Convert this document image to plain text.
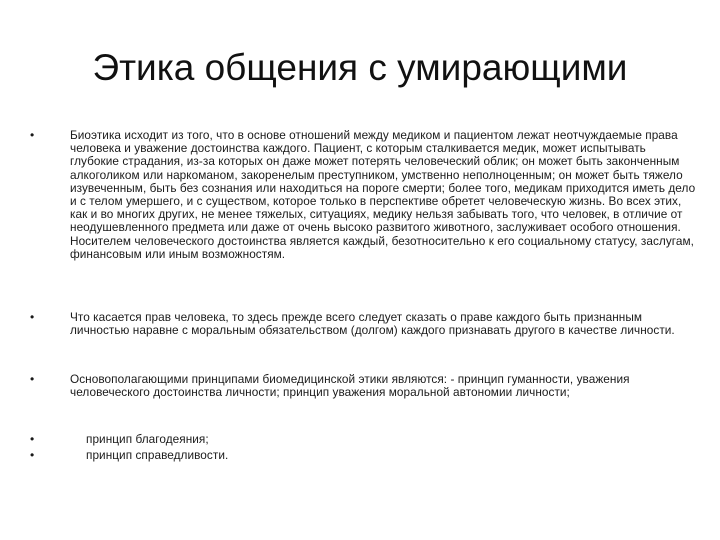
Этика общения с умирающими
•	Биоэтика исходит из того, что в основе отношений между медиком и пациентом лежат неотчуждаемые права человека и уважение достоинства каждого. Пациент, с которым сталкивается медик, может испытывать глубокие страдания, из-за которых он даже может потерять человеческий облик; он может быть законченным алкоголиком или наркоманом, закоренелым преступником, умственно неполноценным; он может быть тяжело изувеченным, быть без сознания или находиться на пороге смерти; более того, медикам приходится иметь дело и с телом умершего, и с существом, которое только в перспективе обретет человеческую жизнь. Во всех этих, как и во многих других, не менее тяжелых, ситуациях, медику нельзя забывать того, что человек, в отличие от неодушевленного предмета или даже от очень высоко развитого животного, заслуживает особого отношения. Носителем человеческого достоинства является каждый, безотносительно к его социальному статусу, заслугам, финансовым или иным возможностям.
•	Что касается прав человека, то здесь прежде всего следует сказать о праве каждого быть признанным личностью наравне с моральным обязательством (долгом) каждого признавать другого в качестве личности.
•	Основополагающими принципами биомедицинской этики являются: - принцип гуманности, уважения человеческого достоинства личности; принцип уважения моральной автономии личности;
•	принцип благодеяния;
•	принцип справедливости.
